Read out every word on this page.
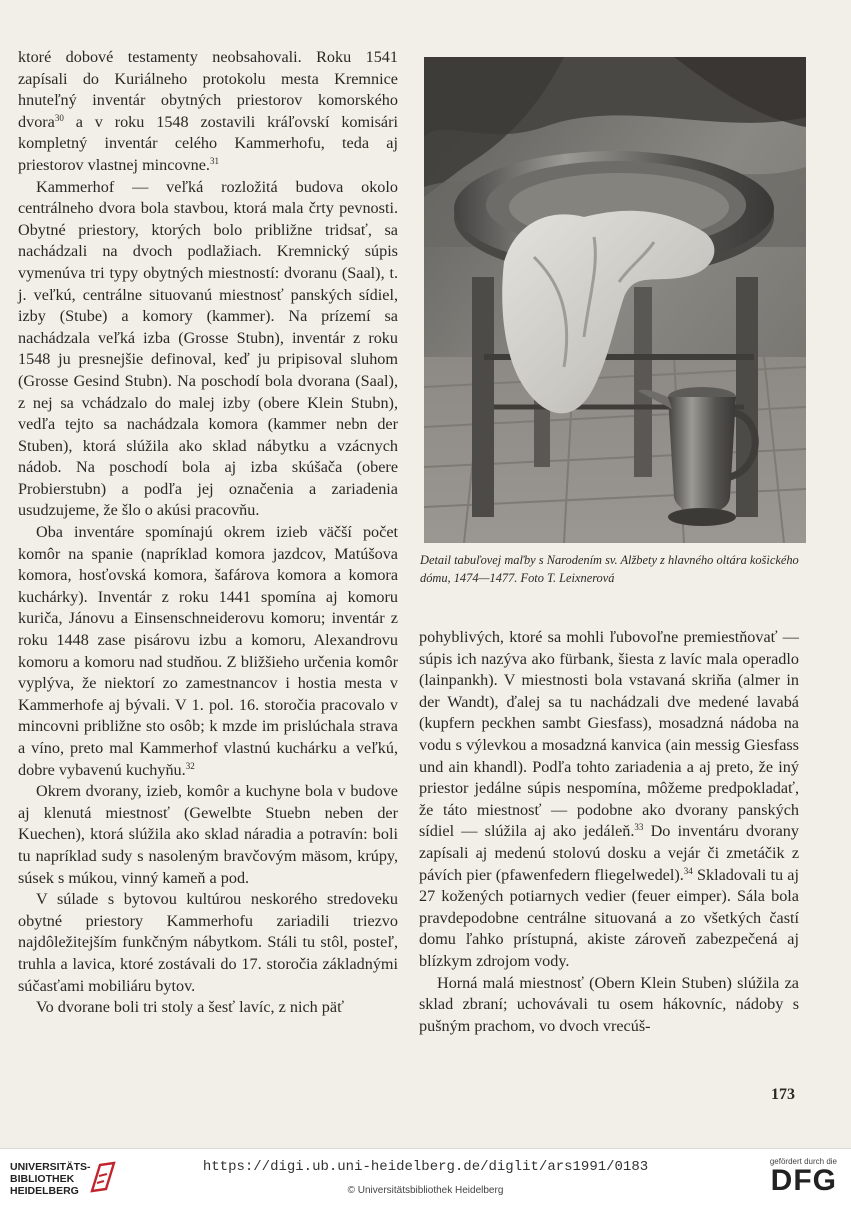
ktoré dobové testamenty neobsahovali. Roku 1541 zapísali do Kuriálneho protokolu mesta Kremnice hnuteľný inventár obytných priestorov komorského dvora$^{30}$ a v roku 1548 zostavili kráľovskí komisári kompletný inventár celého Kammerhofu, teda aj priestorov vlastnej mincovne.$^{31}$

Kammerhof — veľká rozložitá budova okolo centrálneho dvora bola stavbou, ktorá mala črty pevnosti. Obytné priestory, ktorých bolo približne tridsať, sa nachádzali na dvoch podlažiach. Kremnický súpis vymenúva tri typy obytných miestností: dvoranu (Saal), t. j. veľkú, centrálne situovanú miestnosť panských sídiel, izby (Stube) a komory (kammer). Na prízemí sa nachádzala veľká izba (Grosse Stubn), inventár z roku 1548 ju presnejšie definoval, keď ju pripisoval sluhom (Grosse Gesind Stubn). Na poschodí bola dvorana (Saal), z nej sa vchádzalo do malej izby (obere Klein Stubn), vedľa tejto sa nachádzala komora (kammer nebn der Stuben), ktorá slúžila ako sklad nábytku a vzácnych nádob. Na poschodí bola aj izba skúšača (obere Probierstubn) a podľa jej označenia a zariadenia usudzujeme, že šlo o akúsi pracovňu.

Oba inventáre spomínajú okrem izieb väčší počet komôr na spanie (napríklad komora jazdcov, Matúšova komora, hosťovská komora, šafárova komora a komora kuchárky). Inventár z roku 1441 spomína aj komoru kuriča, Jánovu a Einsenschneiderovu komoru; inventár z roku 1448 zase pisárovu izbu a komoru, Alexandrovu komoru a komoru nad studňou. Z bližšieho určenia komôr vyplýva, že niektorí zo zamestnancov i hostia mesta v Kammerhofe aj bývali. V 1. pol. 16. storočia pracovalo v mincovni približne sto osôb; k mzde im prislúchala strava a víno, preto mal Kammerhof vlastnú kuchárku a veľkú, dobre vybavenú kuchyňu.$^{32}$

Okrem dvorany, izieb, komôr a kuchyne bola v budove aj klenutá miestnosť (Gewelbte Stuebn neben der Kuechen), ktorá slúžila ako sklad náradia a potravín: boli tu napríklad sudy s nasoleným bravčovým mäsom, krúpy, súsek s múkou, vinný kameň a pod.

V súlade s bytovou kultúrou neskorého stredoveku obytné priestory Kammerhofu zariadili triezvo najdôležitejším funkčným nábytkom. Stáli tu stôl, posteľ, truhla a lavica, ktoré zostávali do 17. storočia základnými súčasťami mobiliáru bytov.

Vo dvorane boli tri stoly a šesť lavíc, z nich päť

Detail tabuľovej maľby s Narodením sv. Alžbety z hlavného oltára košického dómu, 1474—1477. Foto T. Leixnerová

pohyblivých, ktoré sa mohli ľubovoľne premiestňovať — súpis ich nazýva ako fürbank, šiesta z lavíc mala operadlo (lainpankh). V miestnosti bola vstavaná skriňa (almer in der Wandt), ďalej sa tu nachádzali dve medené lavabá (kupfern peckhen sambt Giesfass), mosadzná nádoba na vodu s výlevkou a mosadzná kanvica (ain messig Giesfass und ain khandl). Podľa tohto zariadenia a aj preto, že iný priestor jedálne súpis nespomína, môžeme predpokladať, že táto miestnosť — podobne ako dvorany panských sídiel — slúžila aj ako jedáleň.$^{33}$ Do inventáru dvorany zapísali aj medenú stolovú dosku a vejár či zmetáčik z pávích pier (pfawenfedern fliegelwedel).$^{34}$ Skladovali tu aj 27 kožených potiarnych vedier (feuer eimper). Sála bola pravdepodobne centrálne situovaná a zo všetkých častí domu ľahko prístupná, akiste zároveň zabezpečená aj blízkym zdrojom vody.

Horná malá miestnosť (Obern Klein Stuben) slúžila za sklad zbraní; uchovávali tu osem hákovníc, nádoby s pušným prachom, vo dvoch vrecúš-

173
UNIVERSITÄTS-
BIBLIOTHEK
HEIDELBERG
https://digi.ub.uni-heidelberg.de/diglit/ars1991/0183
© Universitätsbibliothek Heidelberg
gefördert durch die
DFG
